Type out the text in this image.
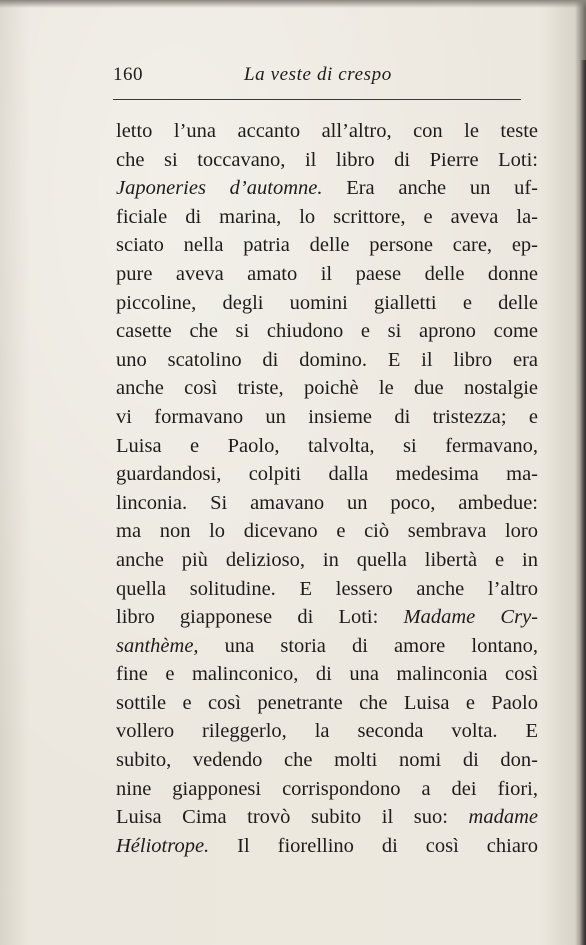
160	La veste di crespo
letto l’una accanto all’altro, con le teste
che si toccavano, il libro di Pierre Loti:
Japoneries d’automne. Era anche un uf-
ficiale di marina, lo scrittore, e aveva la-
sciato nella patria delle persone care, ep-
pure aveva amato il paese delle donne
piccoline, degli uomini gialletti e delle
casette che si chiudono e si aprono come
uno scatolino di domino. E il libro era
anche così triste, poichè le due nostalgie
vi formavano un insieme di tristezza; e
Luisa e Paolo, talvolta, si fermavano,
guardandosi, colpiti dalla medesima ma-
linconia. Si amavano un poco, ambedue:
ma non lo dicevano e ciò sembrava loro
anche più delizioso, in quella libertà e in
quella solitudine. E lessero anche l’altro
libro giapponese di Loti: Madame Cry-
santhème, una storia di amore lontano,
fine e malinconico, di una malinconia così
sottile e così penetrante che Luisa e Paolo
vollero rileggerlo, la seconda volta. E
subito, vedendo che molti nomi di don-
nine giapponesi corrispondono a dei fiori,
Luisa Cima trovò subito il suo: madame
Héliotrope. Il fiorellino di così chiaro
